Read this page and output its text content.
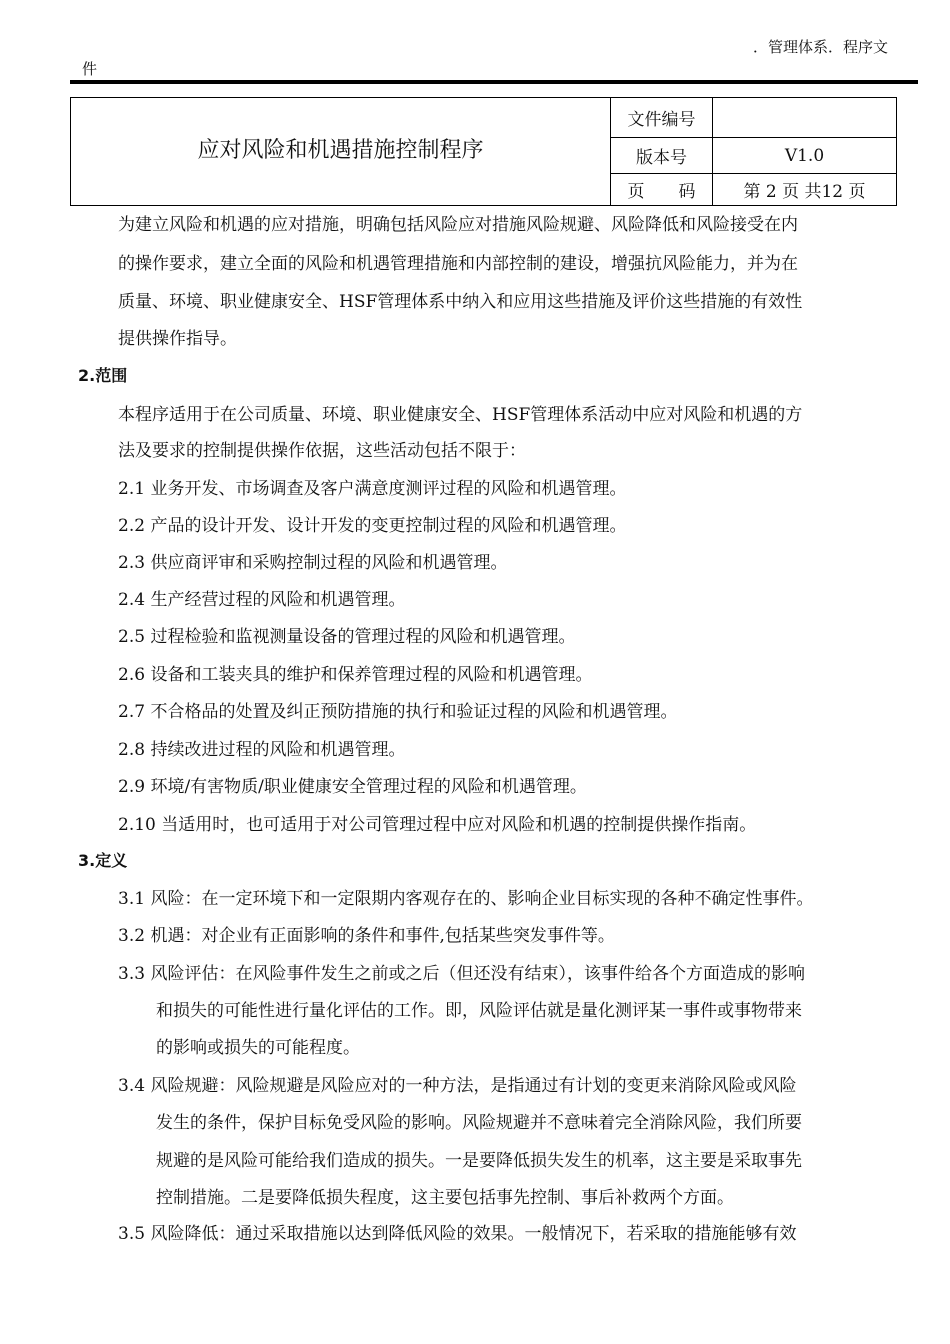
．管理体系．程序文
件
应对风险和机遇措施控制程序	文件编号	
	版本号	V1.0
	页　　码	第 2 页 共12 页
为建立风险和机遇的应对措施，明确包括风险应对措施风险规避、风险降低和风险接受在内
的操作要求，建立全面的风险和机遇管理措施和内部控制的建设，增强抗风险能力，并为在
质量、环境、职业健康安全、HSF管理体系中纳入和应用这些措施及评价这些措施的有效性
提供操作指导。
2.范围
本程序适用于在公司质量、环境、职业健康安全、HSF管理体系活动中应对风险和机遇的方
法及要求的控制提供操作依据，这些活动包括不限于：
2.1 业务开发、市场调查及客户满意度测评过程的风险和机遇管理。
2.2 产品的设计开发、设计开发的变更控制过程的风险和机遇管理。
2.3 供应商评审和采购控制过程的风险和机遇管理。
2.4 生产经营过程的风险和机遇管理。
2.5 过程检验和监视测量设备的管理过程的风险和机遇管理。
2.6 设备和工装夹具的维护和保养管理过程的风险和机遇管理。
2.7 不合格品的处置及纠正预防措施的执行和验证过程的风险和机遇管理。
2.8 持续改进过程的风险和机遇管理。
2.9 环境/有害物质/职业健康安全管理过程的风险和机遇管理。
2.10 当适用时，也可适用于对公司管理过程中应对风险和机遇的控制提供操作指南。
3.定义
3.1 风险：在一定环境下和一定限期内客观存在的、影响企业目标实现的各种不确定性事件。
3.2 机遇：对企业有正面影响的条件和事件,包括某些突发事件等。
3.3 风险评估：在风险事件发生之前或之后（但还没有结束），该事件给各个方面造成的影响
和损失的可能性进行量化评估的工作。即，风险评估就是量化测评某一事件或事物带来
的影响或损失的可能程度。
3.4 风险规避：风险规避是风险应对的一种方法，是指通过有计划的变更来消除风险或风险
发生的条件，保护目标免受风险的影响。风险规避并不意味着完全消除风险，我们所要
规避的是风险可能给我们造成的损失。一是要降低损失发生的机率，这主要是采取事先
控制措施。二是要降低损失程度，这主要包括事先控制、事后补救两个方面。
3.5 风险降低：通过采取措施以达到降低风险的效果。一般情况下，若采取的措施能够有效
